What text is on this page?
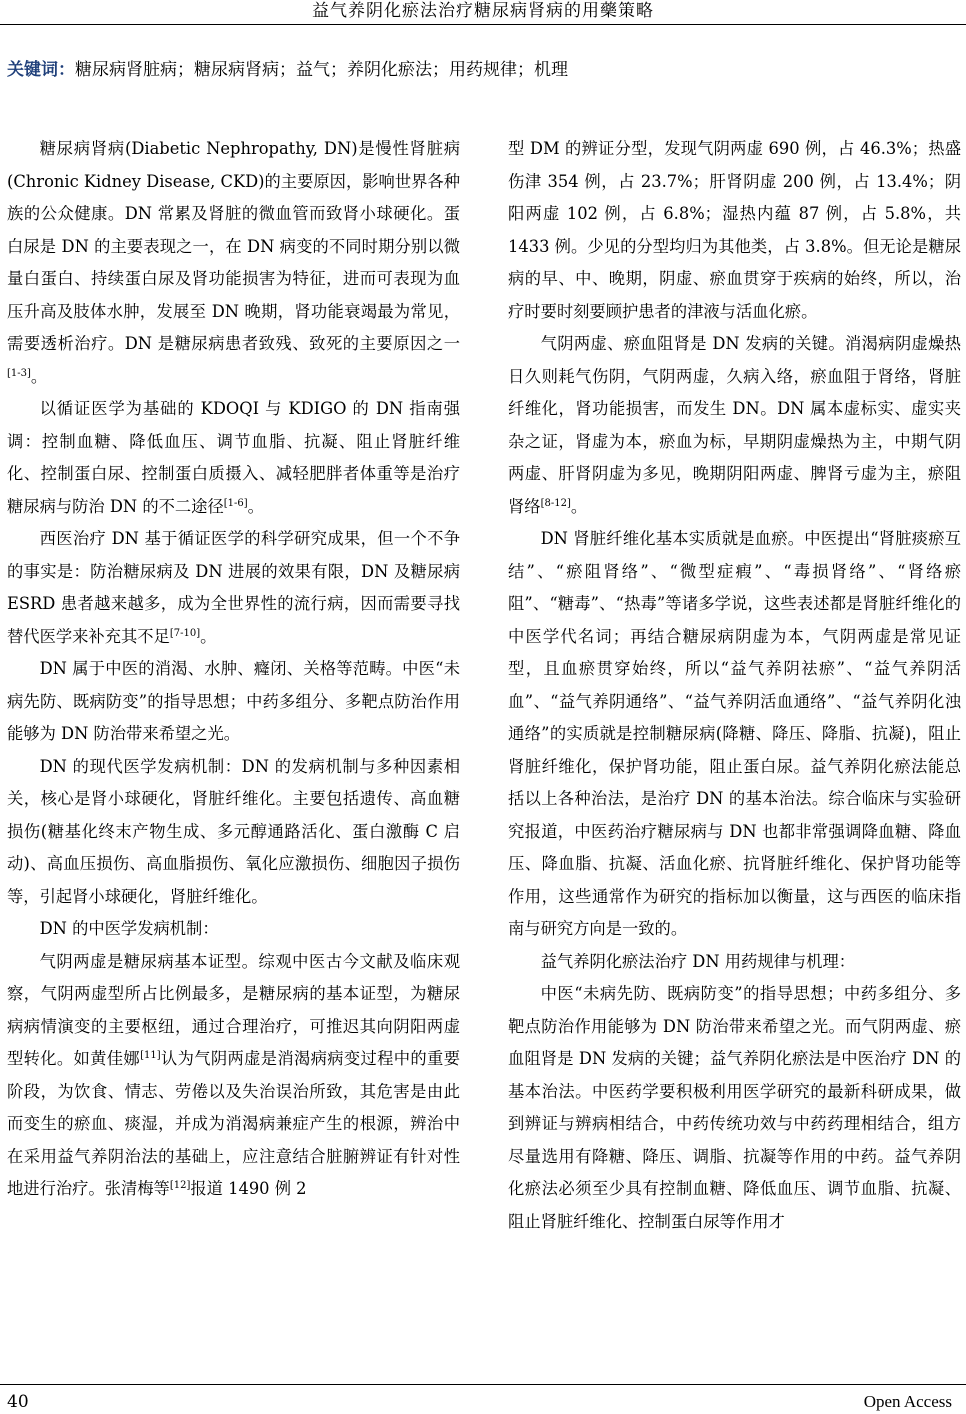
益气养阴化瘀法治疗糖尿病肾病的用藥策略
关键词：糖尿病肾脏病；糖尿病肾病；益气；养阴化瘀法；用药规律；机理

糖尿病肾病(Diabetic Nephropathy, DN)是慢性肾脏病(Chronic Kidney Disease, CKD)的主要原因，影响世界各种族的公众健康。DN 常累及肾脏的微血管而致肾小球硬化。蛋白尿是 DN 的主要表现之一，在 DN 病变的不同时期分别以微量白蛋白、持续蛋白尿及肾功能损害为特征，进而可表现为血压升高及肢体水肿，发展至 DN 晚期，肾功能衰竭最为常见，需要透析治疗。DN 是糖尿病患者致残、致死的主要原因之一[1-3]。

以循证医学为基础的 KDOQI 与 KDIGO 的 DN 指南强调：控制血糖、降低血压、调节血脂、抗凝、阻止肾脏纤维化、控制蛋白尿、控制蛋白质摄入、减轻肥胖者体重等是治疗糖尿病与防治 DN 的不二途径[1-6]。

西医治疗 DN 基于循证医学的科学研究成果，但一个不争的事实是：防治糖尿病及 DN 进展的效果有限，DN 及糖尿病 ESRD 患者越来越多，成为全世界性的流行病，因而需要寻找替代医学来补充其不足[7-10]。

DN 属于中医的消渴、水肿、癃闭、关格等范畴。中医“未病先防、既病防变”的指导思想；中药多组分、多靶点防治作用能够为 DN 防治带来希望之光。

DN 的现代医学发病机制：DN 的发病机制与多种因素相关，核心是肾小球硬化，肾脏纤维化。主要包括遗传、高血糖损伤(糖基化终末产物生成、多元醇通路活化、蛋白激酶 C 启动)、高血压损伤、高血脂损伤、氧化应激损伤、细胞因子损伤等，引起肾小球硬化，肾脏纤维化。

DN 的中医学发病机制：

气阴两虚是糖尿病基本证型。综观中医古今文献及临床观察，气阴两虚型所占比例最多，是糖尿病的基本证型，为糖尿病病情演变的主要枢纽，通过合理治疗，可推迟其向阴阳两虚型转化。如黄佳娜[11]认为气阴两虚是消渴病病变过程中的重要阶段，为饮食、情志、劳倦以及失治误治所致，其危害是由此而变生的瘀血、痰湿，并成为消渴病兼症产生的根源，辨治中在采用益气养阴治法的基础上，应注意结合脏腑辨证有针对性地进行治疗。张清梅等[12]报道 1490 例 2

型 DM 的辨证分型，发现气阴两虚 690 例，占 46.3%；热盛伤津 354 例，占 23.7%；肝肾阴虚 200 例，占 13.4%；阴阳两虚 102 例，占 6.8%；湿热内蕴 87 例，占 5.8%，共 1433 例。少见的分型均归为其他类，占 3.8%。但无论是糖尿病的早、中、晚期，阴虚、瘀血贯穿于疾病的始终，所以，治疗时要时刻要顾护患者的津液与活血化瘀。

气阴两虚、瘀血阻肾是 DN 发病的关键。消渴病阴虚燥热日久则耗气伤阴，气阴两虚，久病入络，瘀血阻于肾络，肾脏纤维化，肾功能损害，而发生 DN。DN 属本虚标实、虚实夹杂之证，肾虚为本，瘀血为标，早期阴虚燥热为主，中期气阴两虚、肝肾阴虚为多见，晚期阴阳两虚、脾肾亏虚为主，瘀阻肾络[8-12]。

DN 肾脏纤维化基本实质就是血瘀。中医提出“肾脏痰瘀互结”、“瘀阻肾络”、“微型症瘕”、“毒损肾络”、“肾络瘀阻”、“糖毒”、“热毒”等诸多学说，这些表述都是肾脏纤维化的中医学代名词；再结合糖尿病阴虚为本，气阴两虚是常见证型，且血瘀贯穿始终，所以“益气养阴祛瘀”、“益气养阴活血”、“益气养阴通络”、“益气养阴活血通络”、“益气养阴化浊通络”的实质就是控制糖尿病(降糖、降压、降脂、抗凝)，阻止肾脏纤维化，保护肾功能，阻止蛋白尿。益气养阴化瘀法能总括以上各种治法，是治疗 DN 的基本治法。综合临床与实验研究报道，中医药治疗糖尿病与 DN 也都非常强调降血糖、降血压、降血脂、抗凝、活血化瘀、抗肾脏纤维化、保护肾功能等作用，这些通常作为研究的指标加以衡量，这与西医的临床指南与研究方向是一致的。

益气养阴化瘀法治疗 DN 用药规律与机理：

中医“未病先防、既病防变”的指导思想；中药多组分、多靶点防治作用能够为 DN 防治带来希望之光。而气阴两虚、瘀血阻肾是 DN 发病的关键；益气养阴化瘀法是中医治疗 DN 的基本治法。中医药学要积极利用医学研究的最新科研成果，做到辨证与辨病相结合，中药传统功效与中药药理相结合，组方尽量选用有降糖、降压、调脂、抗凝等作用的中药。益气养阴化瘀法必须至少具有控制血糖、降低血压、调节血脂、抗凝、阻止肾脏纤维化、控制蛋白尿等作用才

40	Open Access
